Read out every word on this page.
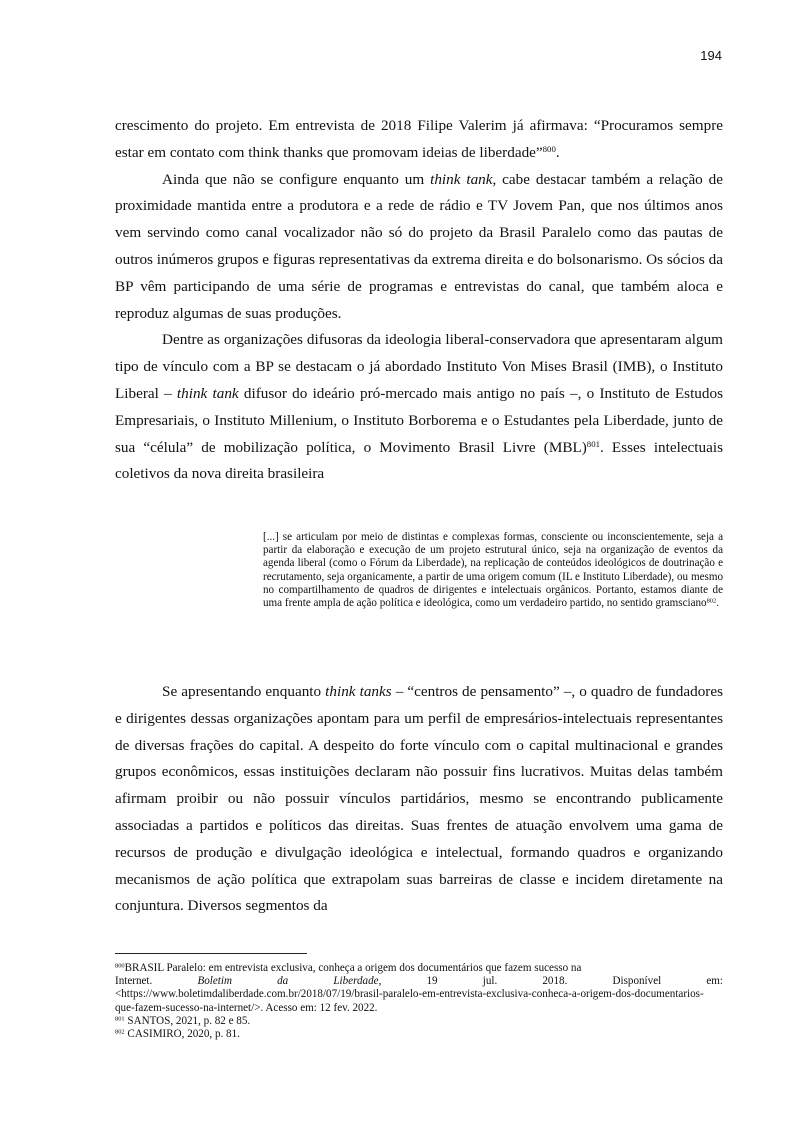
194

crescimento do projeto. Em entrevista de 2018 Filipe Valerim já afirmava: “Procuramos sempre estar em contato com think thanks que promovam ideias de liberdade”$^{800}$.

Ainda que não se configure enquanto um think tank, cabe destacar também a relação de proximidade mantida entre a produtora e a rede de rádio e TV Jovem Pan, que nos últimos anos vem servindo como canal vocalizador não só do projeto da Brasil Paralelo como das pautas de outros inúmeros grupos e figuras representativas da extrema direita e do bolsonarismo. Os sócios da BP vêm participando de uma série de programas e entrevistas do canal, que também aloca e reproduz algumas de suas produções.

Dentre as organizações difusoras da ideologia liberal-conservadora que apresentaram algum tipo de vínculo com a BP se destacam o já abordado Instituto Von Mises Brasil (IMB), o Instituto Liberal – think tank difusor do ideário pró-mercado mais antigo no país –, o Instituto de Estudos Empresariais, o Instituto Millenium, o Instituto Borborema e o Estudantes pela Liberdade, junto de sua “célula” de mobilização política, o Movimento Brasil Livre (MBL)$^{801}$. Esses intelectuais coletivos da nova direita brasileira

[...] se articulam por meio de distintas e complexas formas, consciente ou inconscientemente, seja a partir da elaboração e execução de um projeto estrutural único, seja na organização de eventos da agenda liberal (como o Fórum da Liberdade), na replicação de conteúdos ideológicos de doutrinação e recrutamento, seja organicamente, a partir de uma origem comum (IL e Instituto Liberdade), ou mesmo no compartilhamento de quadros de dirigentes e intelectuais orgânicos. Portanto, estamos diante de uma frente ampla de ação política e ideológica, como um verdadeiro partido, no sentido gramsciano$^{802}$.

Se apresentando enquanto think tanks – “centros de pensamento” –, o quadro de fundadores e dirigentes dessas organizações apontam para um perfil de empresários-intelectuais representantes de diversas frações do capital. A despeito do forte vínculo com o capital multinacional e grandes grupos econômicos, essas instituições declaram não possuir fins lucrativos. Muitas delas também afirmam proibir ou não possuir vínculos partidários, mesmo se encontrando publicamente associadas a partidos e políticos das direitas. Suas frentes de atuação envolvem uma gama de recursos de produção e divulgação ideológica e intelectual, formando quadros e organizando mecanismos de ação política que extrapolam suas barreiras de classe e incidem diretamente na conjuntura. Diversos segmentos da

$^{800}$BRASIL Paralelo: em entrevista exclusiva, conheça a origem dos documentários que fazem sucesso na

Internet.	Boletim da Liberdade, 19 jul. 2018. Disponível em:

<https://www.boletimdaliberdade.com.br/2018/07/19/brasil-paralelo-em-entrevista-exclusiva-conheca-a-origem-dos-documentarios-que-fazem-sucesso-na-internet/>. Acesso em: 12 fev. 2022.

$^{801}$ SANTOS, 2021, p. 82 e 85.

$^{802}$ CASIMIRO, 2020, p. 81.
